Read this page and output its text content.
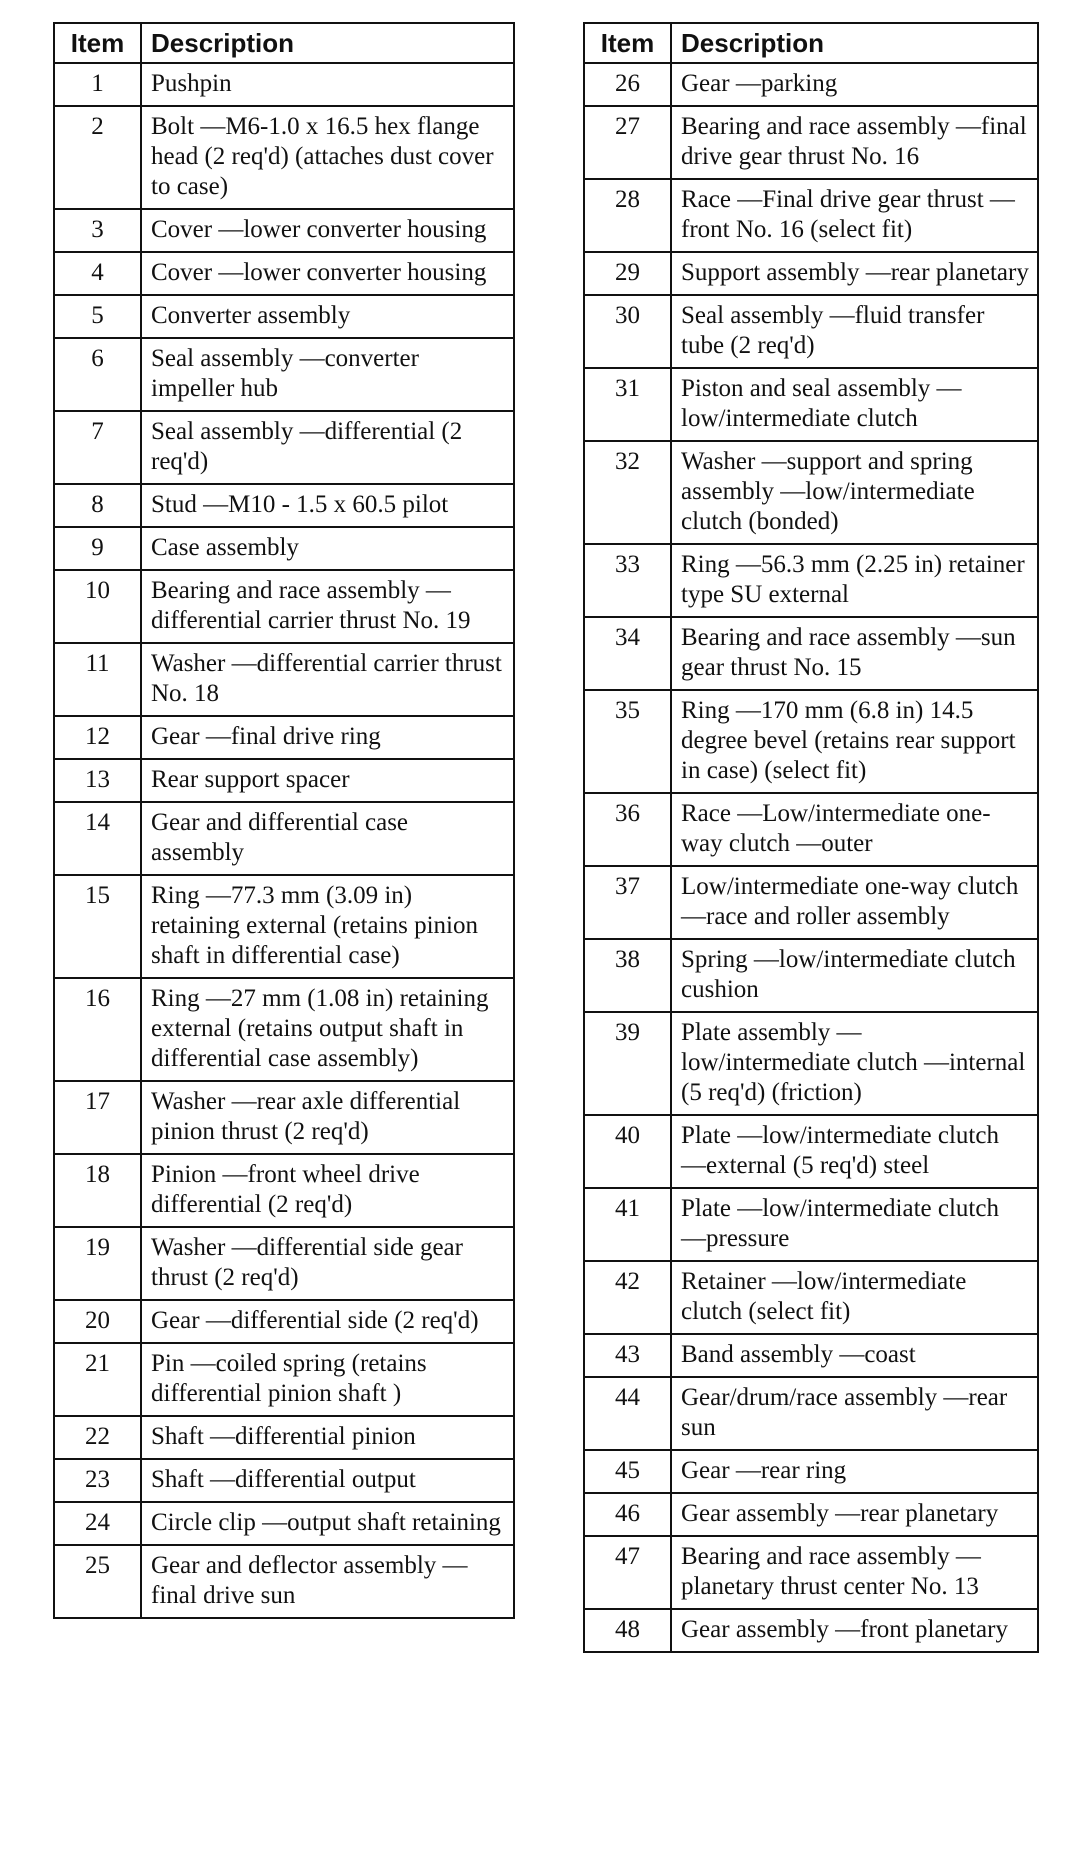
Item	Description
1	Pushpin
2	Bolt —M6-1.0 x 16.5 hex flange head (2 req'd) (attaches dust cover to case)
3	Cover —lower converter housing
4	Cover —lower converter housing
5	Converter assembly
6	Seal assembly —converter impeller hub
7	Seal assembly —differential (2 req'd)
8	Stud —M10 - 1.5 x 60.5 pilot
9	Case assembly
10	Bearing and race assembly —differential carrier thrust No. 19
11	Washer —differential carrier thrust No. 18
12	Gear —final drive ring
13	Rear support spacer
14	Gear and differential case assembly
15	Ring —77.3 mm (3.09 in) retaining external (retains pinion shaft in differential case)
16	Ring —27 mm (1.08 in) retaining external (retains output shaft in differential case assembly)
17	Washer —rear axle differential pinion thrust (2 req'd)
18	Pinion —front wheel drive differential (2 req'd)
19	Washer —differential side gear thrust (2 req'd)
20	Gear —differential side (2 req'd)
21	Pin —coiled spring (retains differential pinion shaft )
22	Shaft —differential pinion
23	Shaft —differential output
24	Circle clip —output shaft retaining
25	Gear and deflector assembly —final drive sun
Item	Description
26	Gear —parking
27	Bearing and race assembly —final drive gear thrust No. 16
28	Race —Final drive gear thrust —front No. 16 (select fit)
29	Support assembly —rear planetary
30	Seal assembly —fluid transfer tube (2 req'd)
31	Piston and seal assembly —low/intermediate clutch
32	Washer —support and spring assembly —low/intermediate clutch (bonded)
33	Ring —56.3 mm (2.25 in) retainer type SU external
34	Bearing and race assembly —sun gear thrust No. 15
35	Ring —170 mm (6.8 in) 14.5 degree bevel (retains rear support in case) (select fit)
36	Race —Low/intermediate one-way clutch —outer
37	Low/intermediate one-way clutch —race and roller assembly
38	Spring —low/intermediate clutch cushion
39	Plate assembly —low/intermediate clutch —internal (5 req'd) (friction)
40	Plate —low/intermediate clutch —external (5 req'd) steel
41	Plate —low/intermediate clutch —pressure
42	Retainer —low/intermediate clutch (select fit)
43	Band assembly —coast
44	Gear/drum/race assembly —rear sun
45	Gear —rear ring
46	Gear assembly —rear planetary
47	Bearing and race assembly —planetary thrust center No. 13
48	Gear assembly —front planetary
